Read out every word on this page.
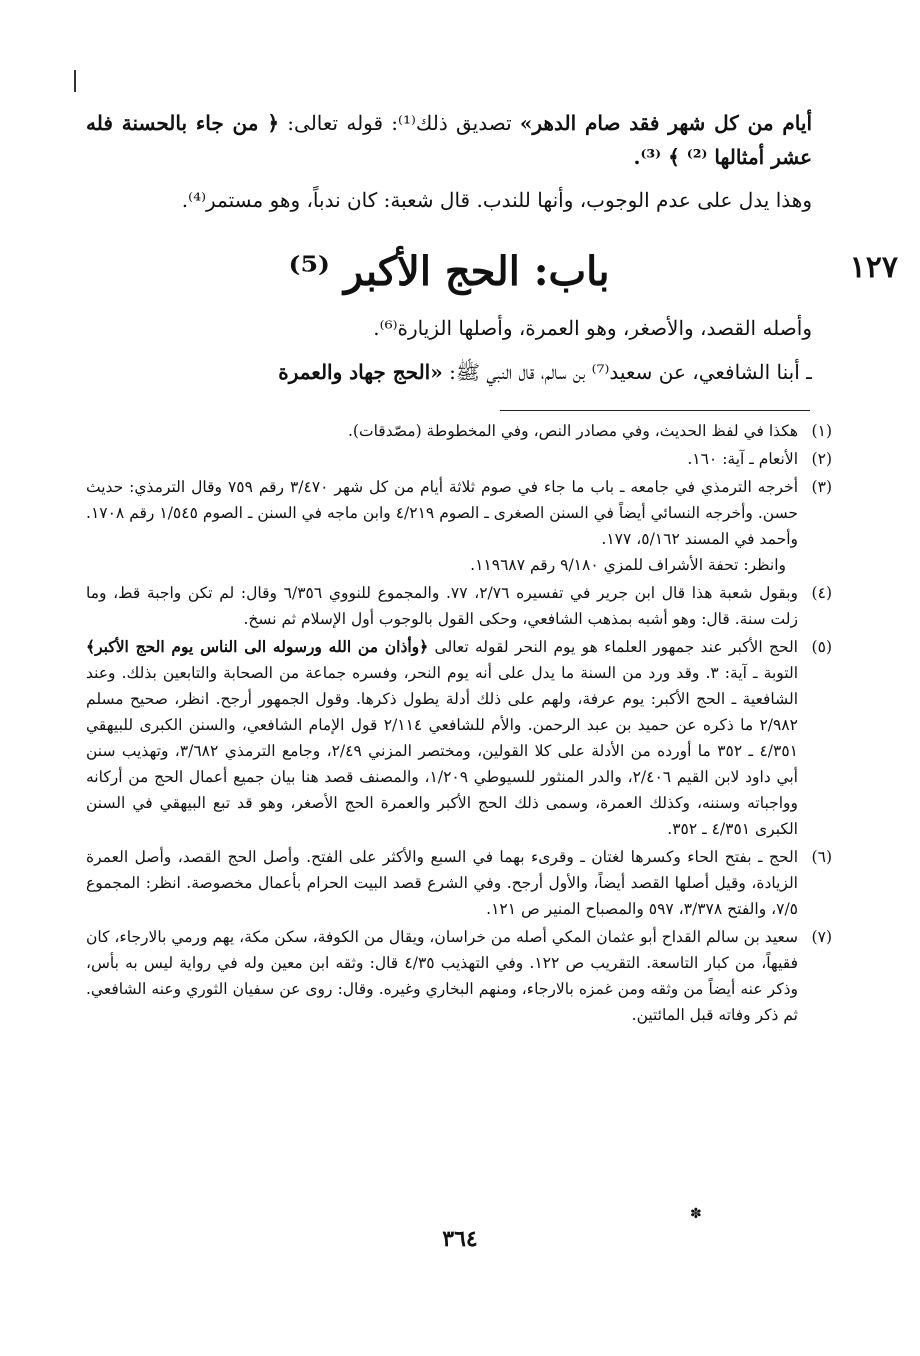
أيام من كل شهر فقد صام الدهر» تصديق ذلك⁽¹⁾: قوله تعالى: ﴿ من جاء بالحسنة فله عشر أمثالها ⁽²⁾ ﴾ ⁽³⁾.
وهذا يدل على عدم الوجوب، وأنها للندب. قال شعبة: كان ندباً، وهو مستمر⁽⁴⁾.
١٢٧
باب: الحج الأكبر ⁽⁵⁾
وأصله القصد، والأصغر، وهو العمرة، وأصلها الزيارة⁽⁶⁾.
ـ أبنا الشافعي، عن سعيد⁽⁷⁾ بن سالم، قال النبي ﷺ: «الحج جهاد والعمرة
(١)
هكذا في لفظ الحديث، وفي مصادر النص، وفي المخطوطة (مصّدقات).
(٢)
الأنعام ـ آية: ١٦٠.
(٣)
أخرجه الترمذي في جامعه ـ باب ما جاء في صوم ثلاثة أيام من كل شهر ٣/٤٧٠ رقم ٧٥٩ وقال الترمذي: حديث حسن. وأخرجه النسائي أيضاً في السنن الصغرى ـ الصوم ٤/٢١٩ وابن ماجه في السنن ـ الصوم ١/٥٤٥ رقم ١٧٠٨. وأحمد في المسند ٥/١٦٢، ١٧٧.
وانظر: تحفة الأشراف للمزي ٩/١٨٠ رقم ١١٩٦٨٧.
(٤)
وبقول شعبة هذا قال ابن جرير في تفسيره ٢/٧٦، ٧٧. والمجموع للنووي ٦/٣٥٦ وقال: لم تكن واجبة قط، وما زلت سنة. قال: وهو أشبه بمذهب الشافعي، وحكى القول بالوجوب أول الإسلام ثم نسخ.
(٥)
الحج الأكبر عند جمهور العلماء هو يوم النحر لقوله تعالى ﴿وأذان من الله ورسوله الى الناس يوم الحج الأكبر﴾ التوبة ـ آية: ٣. وقد ورد من السنة ما يدل على أنه يوم النحر، وفسره جماعة من الصحابة والتابعين بذلك. وعند الشافعية ـ الحج الأكبر: يوم عرفة، ولهم على ذلك أدلة يطول ذكرها. وقول الجمهور أرجح. انظر، صحيح مسلم ٢/٩٨٢ ما ذكره عن حميد بن عبد الرحمن. والأم للشافعي ٢/١١٤ قول الإمام الشافعي، والسنن الكبرى للبيهقي ٤/٣٥١ ـ ٣٥٢ ما أورده من الأدلة على كلا القولين، ومختصر المزني ٢/٤٩، وجامع الترمذي ٣/٦٨٢، وتهذيب سنن أبي داود لابن القيم ٢/٤٠٦، والدر المنثور للسيوطي ١/٢٠٩، والمصنف قصد هنا بيان جميع أعمال الحج من أركانه وواجباته وسننه، وكذلك العمرة، وسمى ذلك الحج الأكبر والعمرة الحج الأصغر، وهو قد تبع البيهقي في السنن الكبرى ٤/٣٥١ ـ ٣٥٢.
(٦)
الحج ـ بفتح الحاء وكسرها لغتان ـ وقرىء بهما في السبع والأكثر على الفتح. وأصل الحج القصد، وأصل العمرة الزيادة، وقيل أصلها القصد أيضاً، والأول أرجح. وفي الشرع قصد البيت الحرام بأعمال مخصوصة. انظر: المجموع ٧/٥، والفتح ٣/٣٧٨، ٥٩٧ والمصباح المنير ص ١٢١.
(٧)
سعيد بن سالم القداح أبو عثمان المكي أصله من خراسان، ويقال من الكوفة، سكن مكة، يهم ورمي بالارجاء، كان فقيهاً، من كبار التاسعة. التقريب ص ١٢٢. وفي التهذيب ٤/٣٥ قال: وثقه ابن معين وله في رواية ليس به بأس، وذكر عنه أيضاً من وثقه ومن غمزه بالارجاء، ومنهم البخاري وغيره. وقال: روى عن سفيان الثوري وعنه الشافعي. ثم ذكر وفاته قبل المائتين.
✽
٣٦٤
